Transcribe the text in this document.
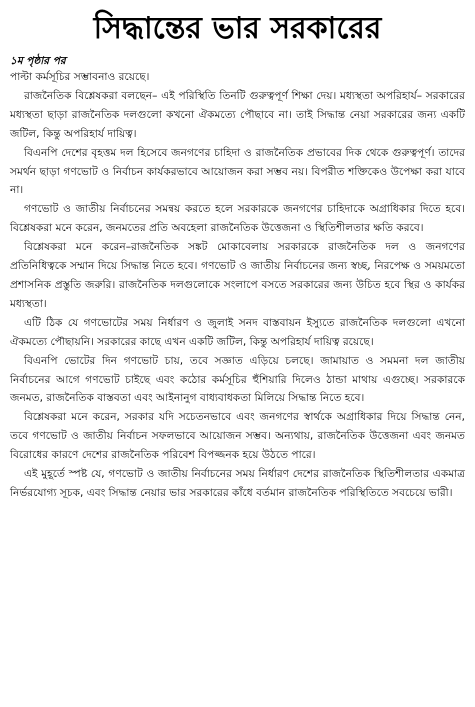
সিদ্ধান্তের ভার সরকারের
১ম পৃষ্ঠার পর

পাল্টা কর্মসূচির সম্ভাবনাও রয়েছে।

রাজনৈতিক বিশ্লেষকরা বলছেন– এই পরিস্থিতি তিনটি গুরুত্বপূর্ণ শিক্ষা দেয়। মধ্যস্থতা অপরিহার্য– সরকারের মধ্যস্থতা ছাড়া রাজনৈতিক দলগুলো কখনো ঐকমত্যে পৌছাবে না। তাই সিদ্ধান্ত নেয়া সরকারের জন্য একটি জটিল, কিন্তু অপরিহার্য দায়িত্ব।

বিএনপি দেশের বৃহত্তম দল হিসেবে জনগণের চাহিদা ও রাজনৈতিক প্রভাবের দিক থেকে গুরুত্বপূর্ণ। তাদের সমর্থন ছাড়া গণভোট ও নির্বাচন কার্যকরভাবে আয়োজন করা সম্ভব নয়। বিপরীত শক্তিকেও উপেক্ষা করা যাবে না।

গণভোট ও জাতীয় নির্বাচনের সমন্বয় করতে হলে সরকারকে জনগণের চাহিদাকে অগ্রাধিকার দিতে হবে। বিশ্লেষকরা মনে করেন, জনমতের প্রতি অবহেলা রাজনৈতিক উত্তেজনা ও স্থিতিশীলতার ক্ষতি করবে।

বিশ্লেষকরা মনে করেন–রাজনৈতিক সঙ্কট মোকাবেলায় সরকারকে রাজনৈতিক দল ও জনগণের প্রতিনিধিত্বকে সম্মান দিয়ে সিদ্ধান্ত নিতে হবে। গণভোট ও জাতীয় নির্বাচনের জন্য স্বচ্ছ, নিরপেক্ষ ও সময়মতো প্রশাসনিক প্রস্তুতি জরুরি। রাজনৈতিক দলগুলোকে সংলাপে বসতে সরকারের জন্য উচিত হবে স্থির ও কার্যকর মধ্যস্থতা।

এটি ঠিক যে গণভোটের সময় নির্ধারণ ও জুলাই সনদ বাস্তবায়ন ইস্যুতে রাজনৈতিক দলগুলো এখনো ঐকমত্যে পৌছায়নি। সরকারের কাছে এখন একটি জটিল, কিন্তু অপরিহার্য দায়িত্ব রয়েছে।

বিএনপি ভোটের দিন গণভোট চায়, তবে সজ্ঞাত এড়িয়ে চলছে। জামায়াত ও সমমনা দল জাতীয় নির্বাচনের আগে গণভোট চাইছে এবং কঠোর কর্মসূচির হুঁশিয়ারি দিলেও ঠান্ডা মাথায় এগুচ্ছে। সরকারকে জনমত, রাজনৈতিক বাস্তবতা এবং আইনানুগ বাধ্যবাধকতা মিলিয়ে সিদ্ধান্ত নিতে হবে।

বিশ্লেষকরা মনে করেন, সরকার যদি সচেতনভাবে এবং জনগণের স্বার্থকে অগ্রাধিকার দিয়ে সিদ্ধান্ত নেন, তবে গণভোট ও জাতীয় নির্বাচন সফলভাবে আয়োজন সম্ভব। অন্যথায়, রাজনৈতিক উত্তেজনা এবং জনমত বিরোধের কারণে দেশের রাজনৈতিক পরিবেশ বিপজ্জনক হয়ে উঠতে পারে।

এই মুহূর্তে স্পষ্ট যে, গণভোট ও জাতীয় নির্বাচনের সময় নির্ধারণ দেশের রাজনৈতিক স্থিতিশীলতার একমাত্র নির্ভরযোগ্য সূচক, এবং সিদ্ধান্ত নেয়ার ভার সরকারের কাঁধে বর্তমান রাজনৈতিক পরিস্থিতিতে সবচেয়ে ভারী।
